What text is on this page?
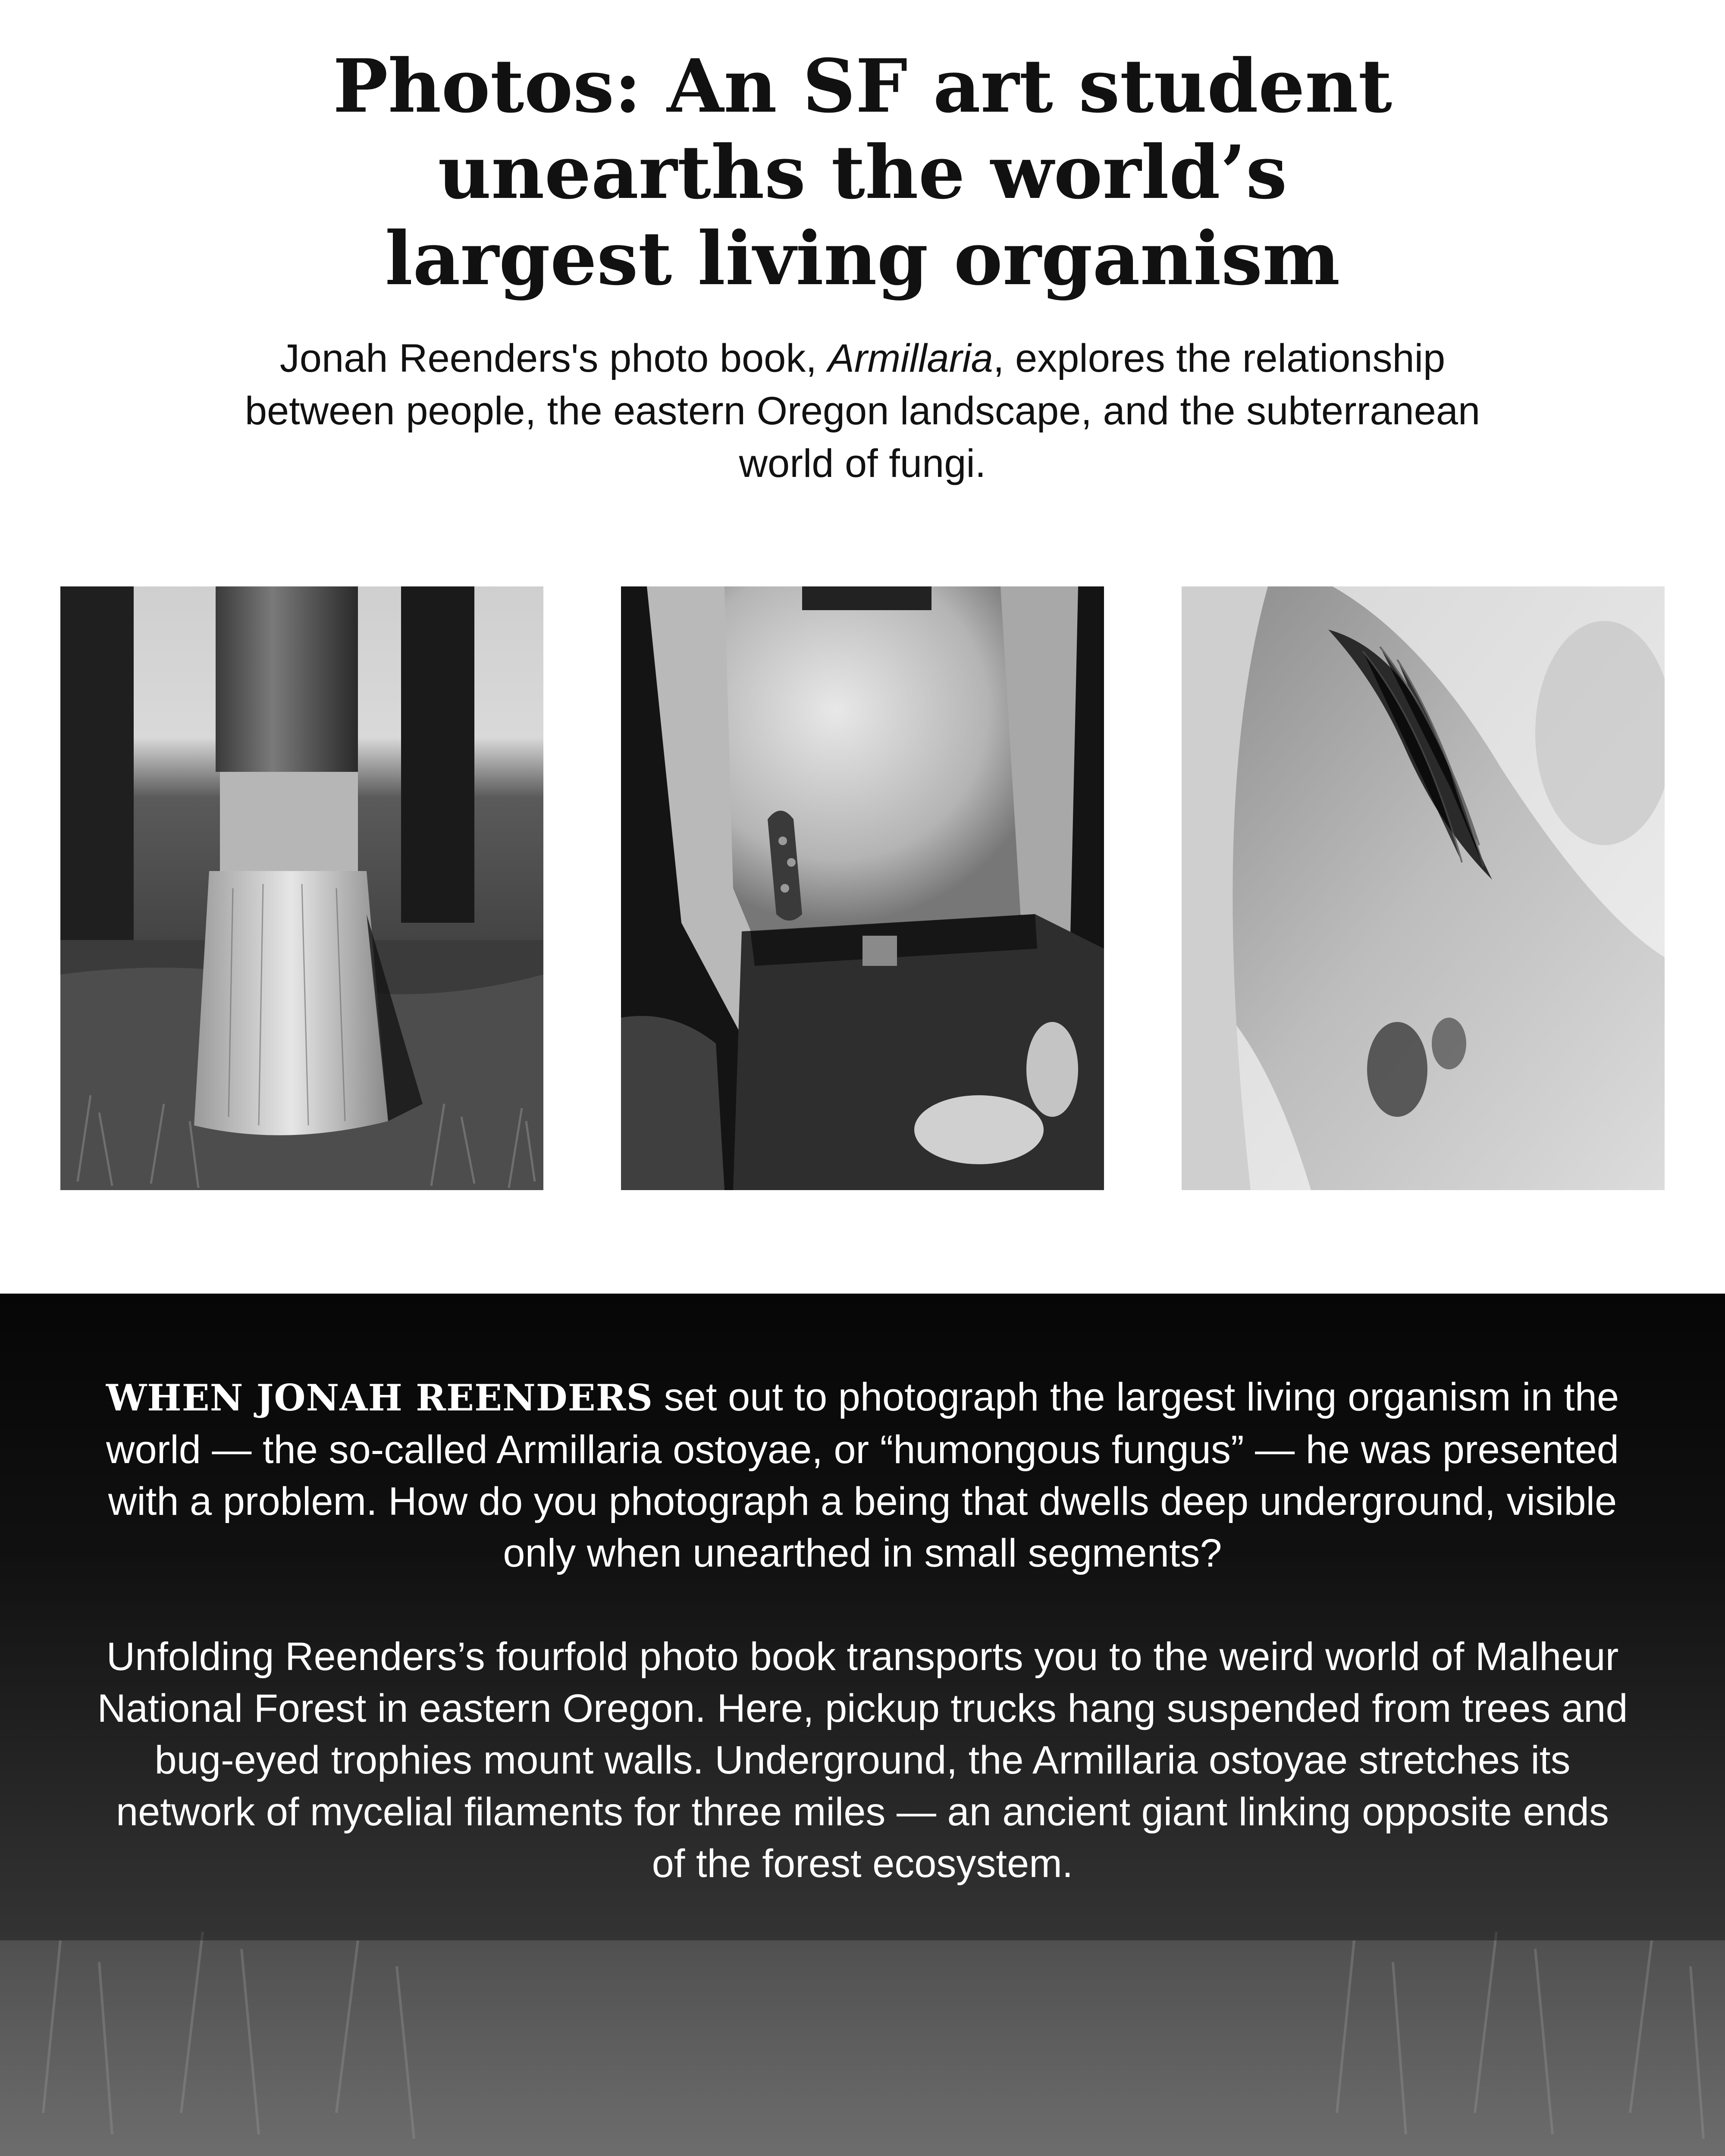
Photos: An SF art student unearths the world’s largest living organism

Jonah Reenders's photo book, Armillaria, explores the relationship between people, the eastern Oregon landscape, and the subterranean world of fungi.

WHEN JONAH REENDERS set out to photograph the largest living organism in the world — the so-called Armillaria ostoyae, or “humongous fungus” — he was presented with a problem. How do you photograph a being that dwells deep underground, visible only when unearthed in small segments?

Unfolding Reenders’s fourfold photo book transports you to the weird world of Malheur National Forest in eastern Oregon. Here, pickup trucks hang suspended from trees and bug-eyed trophies mount walls. Underground, the Armillaria ostoyae stretches its network of mycelial filaments for three miles — an ancient giant linking opposite ends of the forest ecosystem.
